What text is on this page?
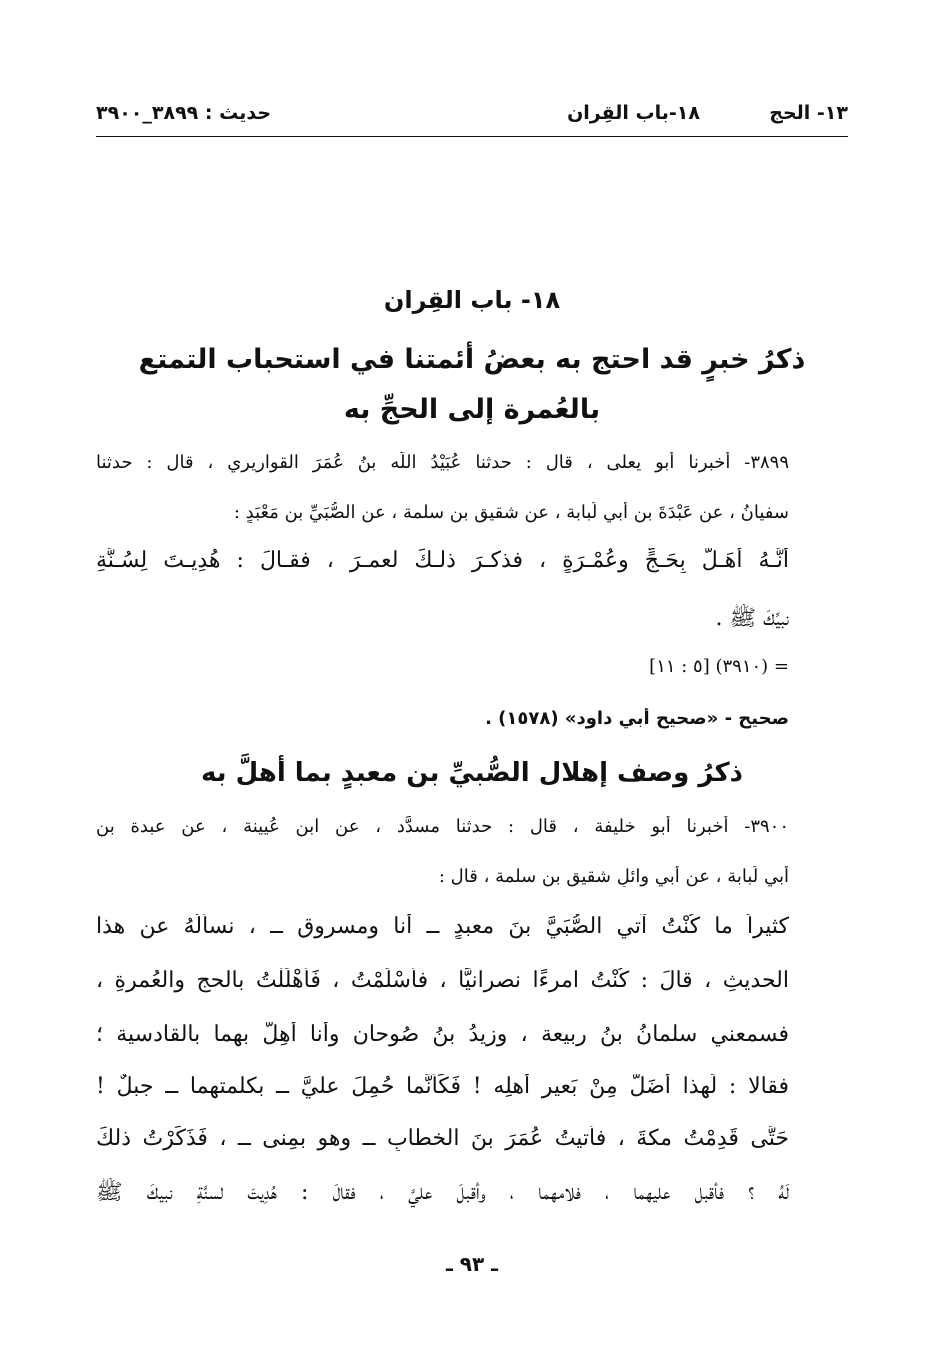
١٣- الحج
١٨-باب القِران
حديث : ٣٨٩٩_٣٩٠٠
١٨- باب القِران
ذكرُ خبرٍ قد احتج به بعضُ أئمتنا في استحباب التمتع
بالعُمرة إلى الحجِّ به
٣٨٩٩- أخبرنا أبو يعلى ، قال : حدثنا عُبَيْدُ اللَّه بنُ عُمَرَ القواريري ، قال : حدثنا
سفيانُ ، عن عَبْدَةَ بن أبي لُبابة ، عن شقيق بن سلمة ، عن الصُّبَيِّ بن مَعْبَدٍ :
أَنَّـهُ أَهَـلَّ بِحَـجٍّ وعُمْـرَةٍ ، فذكـرَ ذلـكَ لعمـرَ ، فقـالَ : هُدِيـتَ لِسُـنَّةِ
نبيِّكَ ﷺ .
= (٣٩١٠) [٥ : ١١]
صحيح - «صحيح أبي داود» (١٥٧٨) .
ذكرُ وصف إهلال الصُّبيِّ بن معبدٍ بما أهلَّ به
٣٩٠٠- أخبرنا أبو خليفة ، قال : حدثنا مسدَّد ، عن ابنِ عُيينة ، عن عبدة بن
أبي لُبابة ، عن أبي وائلٍ شقيق بن سلمة ، قال :
كثيراً ما كُنْتُ آتي الصُّبَيَّ بنَ معبدٍ ــ أنا ومسروق ــ ، نسألُهُ عن هذا
الحديثِ ، قالَ : كُنْتُ امرءًا نصرانيًّا ، فأسْلَمْتُ ، فَأَهْلَلْتُ بالحج والعُمرةِ ،
فسمعني سلمانُ بنُ ربيعة ، وزيدُ بنُ صُوحان وأنا أُهِلُّ بهما بالقادسية ؛
فقالا : لَهذا أَضَلُّ مِنْ بَعيرِ أهلِه ! فَكَأنَّما حُمِلَ عليَّ ــ بكلمتهما ــ جبلٌ !
حَتَّى قَدِمْتُ مكةَ ، فأتيتُ عُمَرَ بنَ الخطابِ ــ وهو بمِنى ــ ، فَذَكَرْتُ ذلكَ
لَهُ ؟ فأقبل عليهما ، فلامهما ، وأقبلَ عليَّ ، فقالَ : هُدِيتَ لسنَّةِ نبيكَ ﷺ
ـ ٩٣ ـ
